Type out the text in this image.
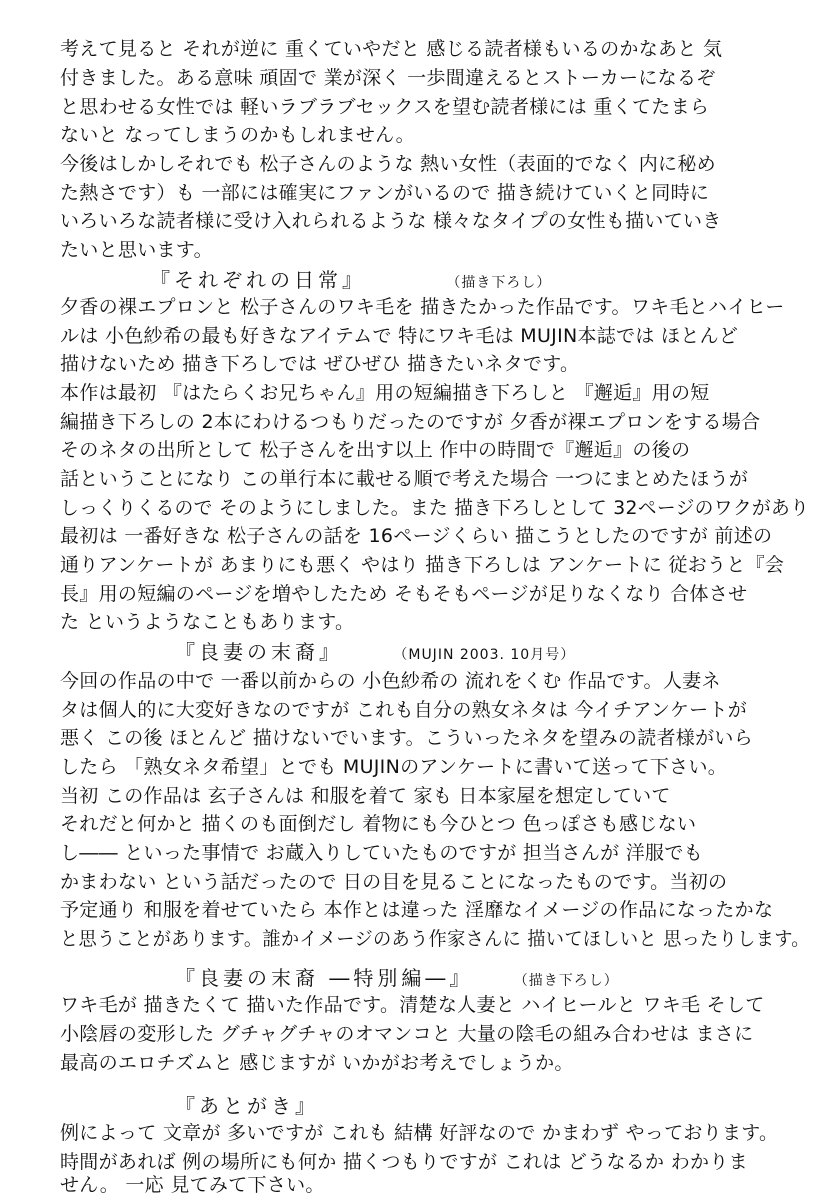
考えて見ると それが逆に 重くていやだと 感じる読者様もいるのかなあと 気
付きました。ある意味 頑固で 業が深く 一歩間違えるとストーカーになるぞ
と思わせる女性では 軽いラブラブセックスを望む読者様には 重くてたまら
ないと なってしまうのかもしれません。
今後はしかしそれでも 松子さんのような 熱い女性（表面的でなく 内に秘め
た熱さです）も 一部には確実にファンがいるので 描き続けていくと同時に
いろいろな読者様に受け入れられるような 様々なタイプの女性も描いていき
たいと思います。
『それぞれの日常』	（描き下ろし）
夕香の裸エプロンと 松子さんのワキ毛を 描きたかった作品です。ワキ毛とハイヒー
ルは 小色紗希の最も好きなアイテムで 特にワキ毛は MUJIN本誌では ほとんど
描けないため 描き下ろしでは ぜひぜひ 描きたいネタです。
本作は最初 『はたらくお兄ちゃん』用の短編描き下ろしと 『邂逅』用の短
編描き下ろしの 2本にわけるつもりだったのですが 夕香が裸エプロンをする場合
そのネタの出所として 松子さんを出す以上 作中の時間で『邂逅』の後の
話ということになり この単行本に載せる順で考えた場合 一つにまとめたほうが
しっくりくるので そのようにしました。また 描き下ろしとして 32ページのワクがあり
最初は 一番好きな 松子さんの話を 16ページくらい 描こうとしたのですが 前述の
通りアンケートが あまりにも悪く やはり 描き下ろしは アンケートに 従おうと『会
長』用の短編のページを増やしたため そもそもページが足りなくなり 合体させ
た というようなこともあります。
『良妻の末裔』	（MUJIN 2003. 10月号）
今回の作品の中で 一番以前からの 小色紗希の 流れをくむ 作品です。人妻ネ
タは個人的に大変好きなのですが これも自分の熟女ネタは 今イチアンケートが
悪く この後 ほとんど 描けないでいます。こういったネタを望みの読者様がいら
したら 「熟女ネタ希望」とでも MUJINのアンケートに書いて送って下さい。
当初 この作品は 玄子さんは 和服を着て 家も 日本家屋を想定していて
それだと何かと 描くのも面倒だし 着物にも今ひとつ 色っぽさも感じない
し―― といった事情で お蔵入りしていたものですが 担当さんが 洋服でも
かまわない という話だったので 日の目を見ることになったものです。当初の
予定通り 和服を着せていたら 本作とは違った 淫靡なイメージの作品になったかな
と思うことがあります。誰かイメージのあう作家さんに 描いてほしいと 思ったりします。
『良妻の末裔 ―特別編―』	（描き下ろし）
ワキ毛が 描きたくて 描いた作品です。清楚な人妻と ハイヒールと ワキ毛 そして
小陰唇の変形した グチャグチャのオマンコと 大量の陰毛の組み合わせは まさに
最高のエロチズムと 感じますが いかがお考えでしょうか。
『あとがき』
例によって 文章が 多いですが これも 結構 好評なので かまわず やっております。
時間があれば 例の場所にも何か 描くつもりですが これは どうなるか わかりま
せん。 一応 見てみて下さい。
